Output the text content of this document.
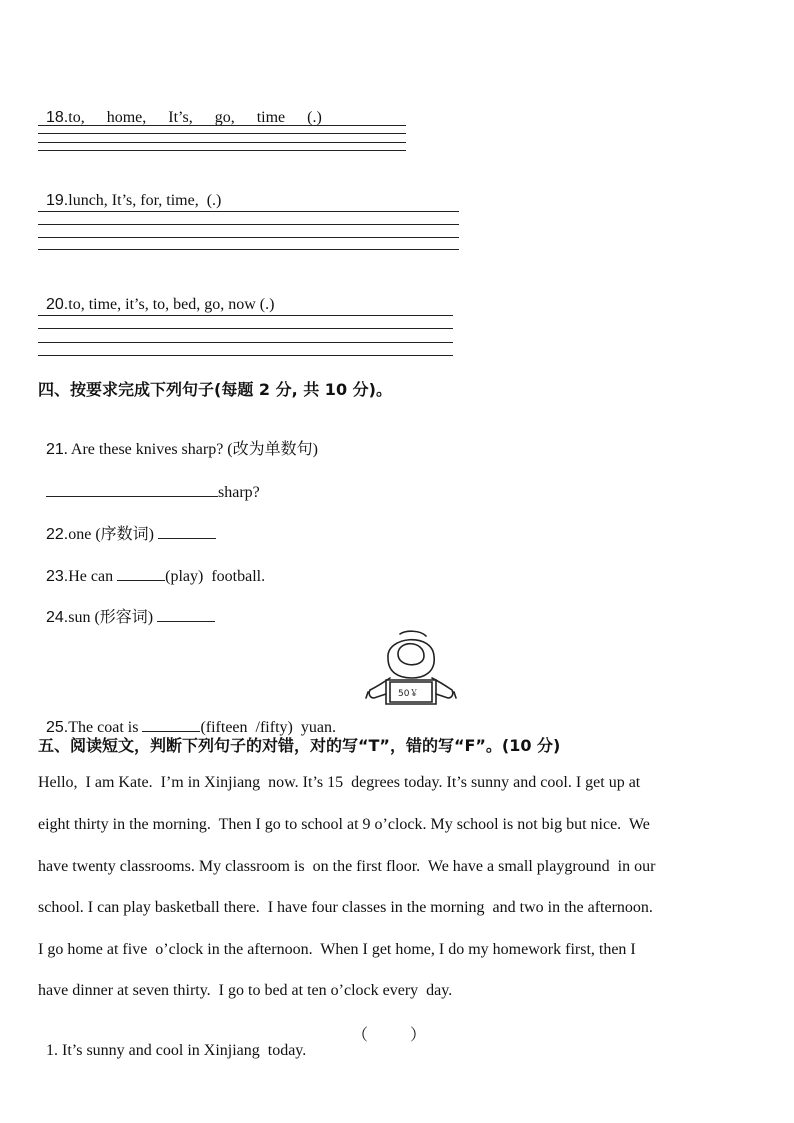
18.to, home, It’s, go, time (.)

19.lunch, It’s, for, time,  (.)

20.to, time, it’s, to, bed, go, now (.)

四、按要求完成下列句子(每题 2 分, 共 10 分)。

21. Are these knives sharp? (改为单数句)

sharp?

22.one (序数词)

23.He can	(play)  football.

24.sun (形容词)

50￥

25.The coat is	(fifteen  /fifty)  yuan.

五、阅读短文，判断下列句子的对错，对的写“T”，错的写“F”。(10 分)
Hello,  I am Kate.  I’m in Xinjiang  now. It’s 15  degrees today. It’s sunny and cool. I get up at
eight thirty in the morning.  Then I go to school at 9 o’clock. My school is not big but nice.  We
have twenty classrooms. My classroom is  on the first floor.  We have a small playground  in our
school. I can play basketball there.  I have four classes in the morning  and two in the afternoon.
I go home at five  o’clock in the afternoon.  When I get home, I do my homework first, then I
have dinner at seven thirty.  I go to bed at ten o’clock every  day.

1. It’s sunny and cool in Xinjiang  today.

（	）
